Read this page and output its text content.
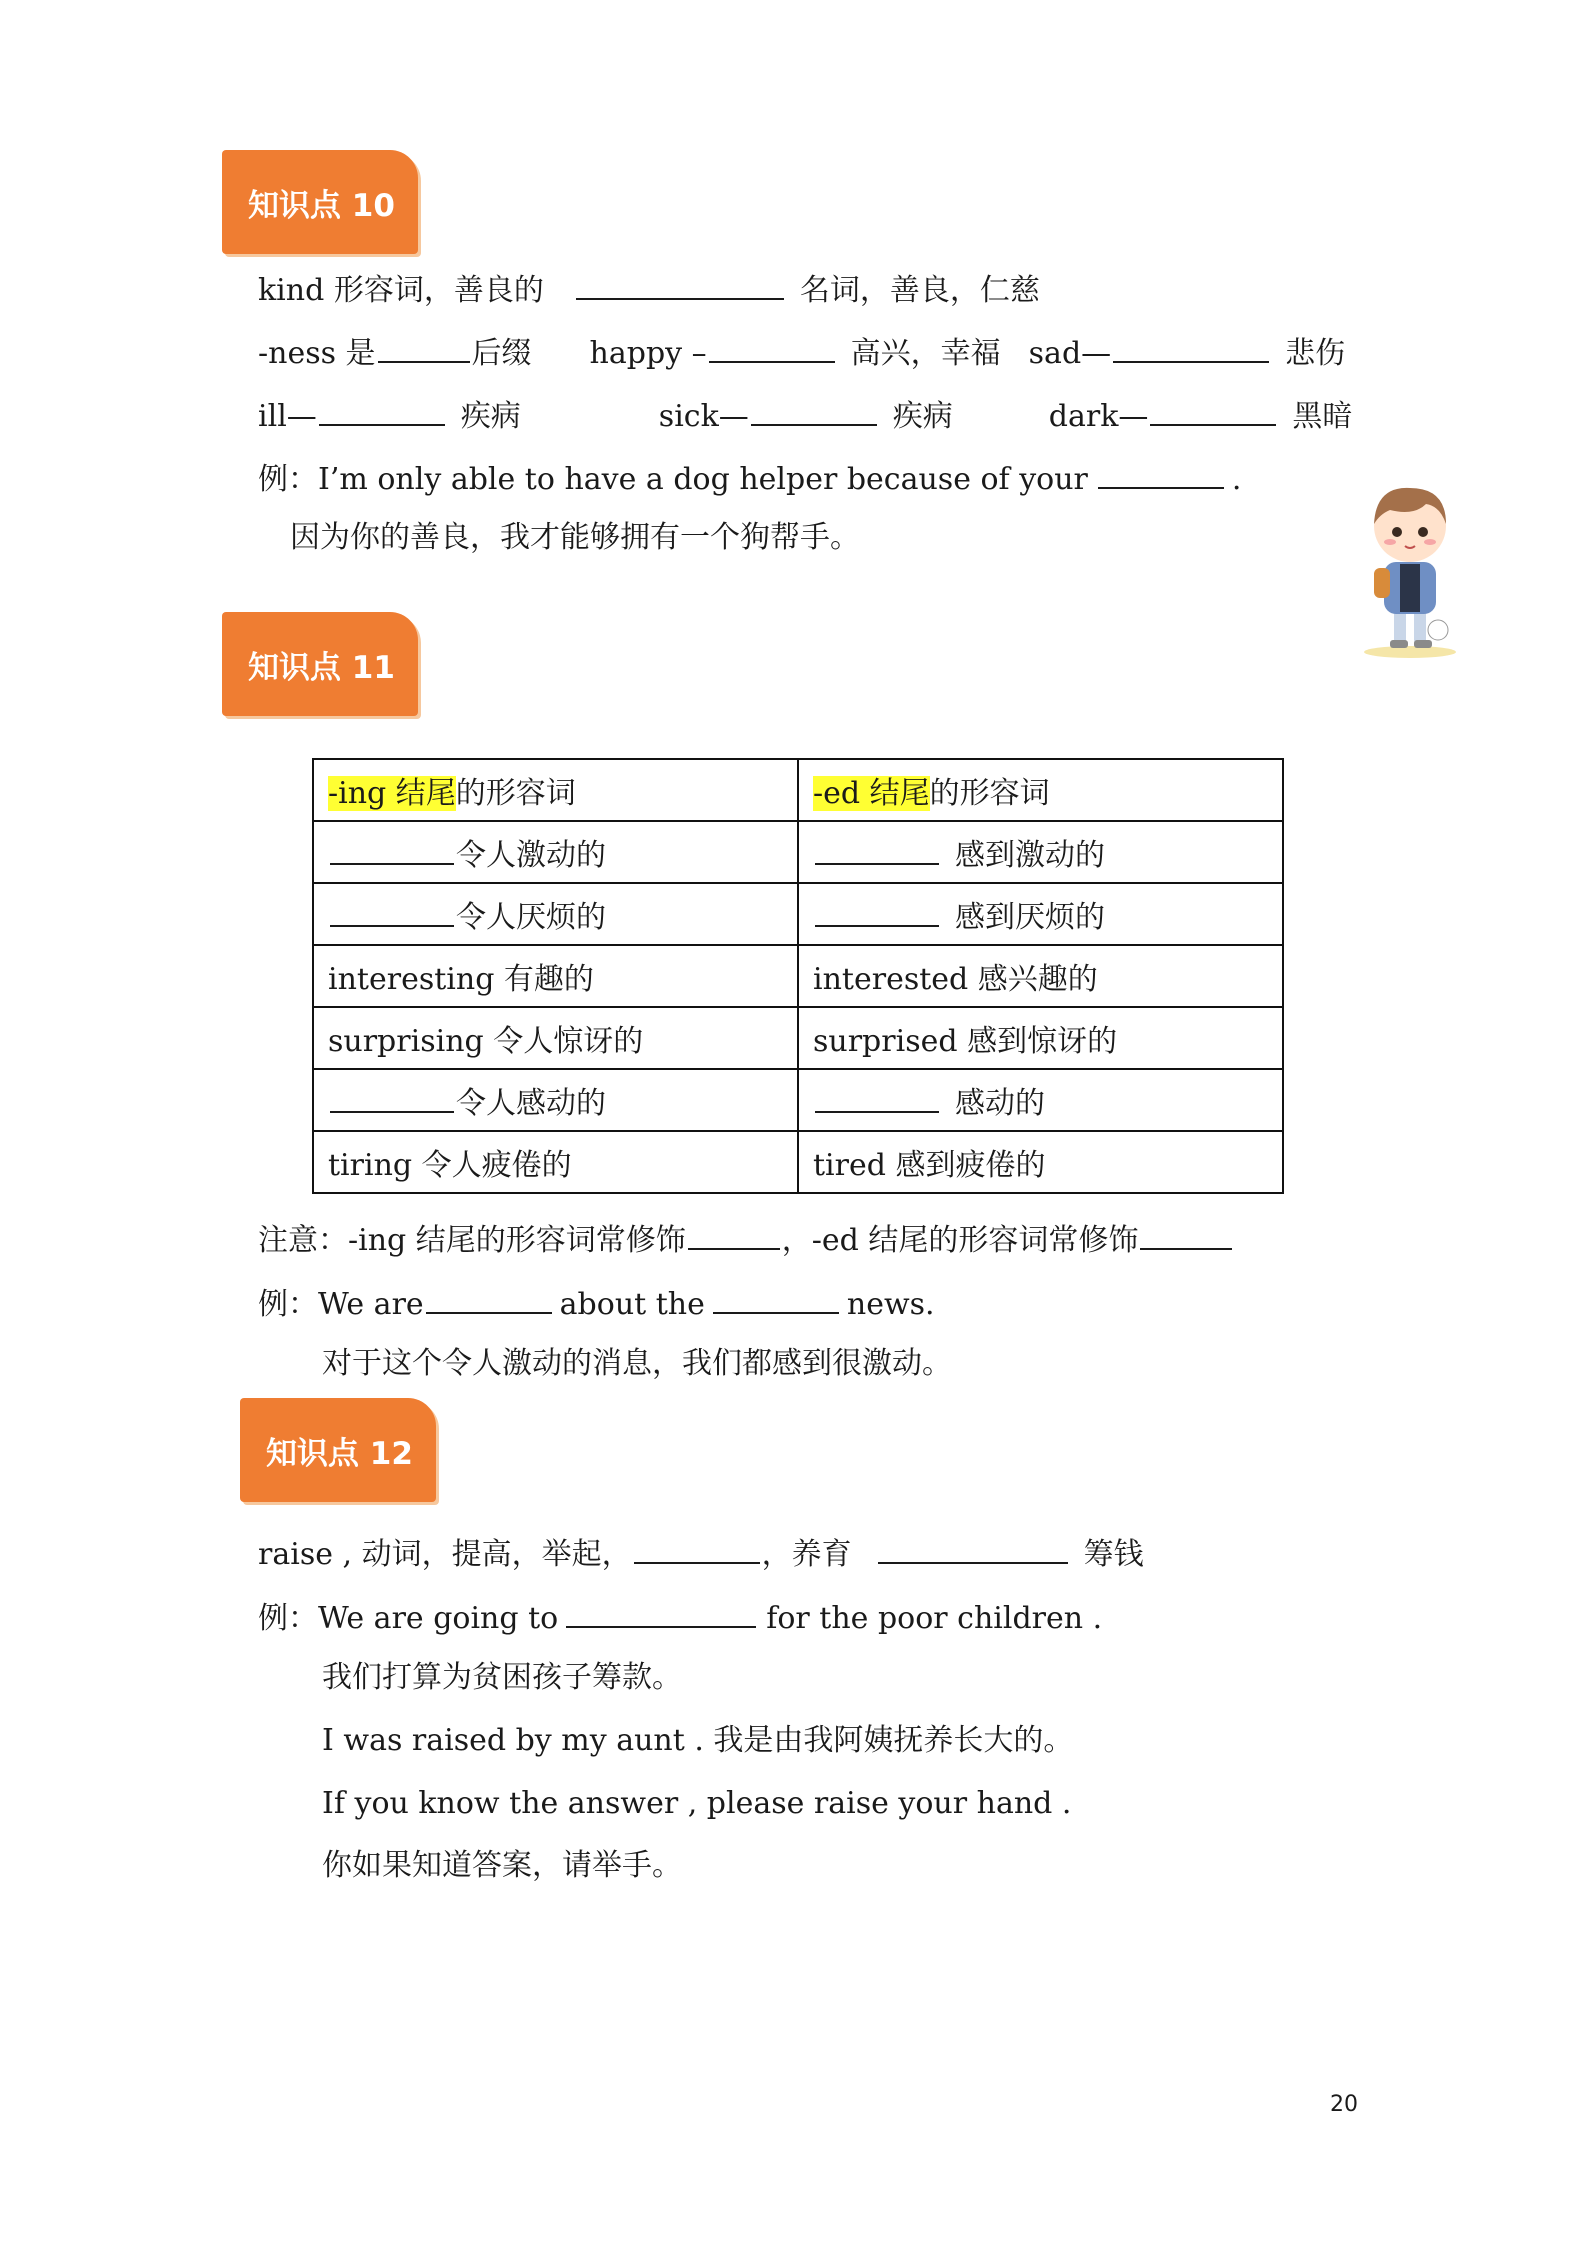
知识点 10
kind 形容词，善良的	名词，善良，仁慈
-ness 是	后缀 happy –	高兴，幸福 sad—	悲伤
ill—	疾病	sick—	疾病	dark—	黑暗
例：I’m only able to have a dog helper because of your	.
因为你的善良，我才能够拥有一个狗帮手。
知识点 11
-ing 结尾的形容词	-ed 结尾的形容词
令人激动的	感到激动的
令人厌烦的	感到厌烦的
interesting 有趣的	interested 感兴趣的
surprising 令人惊讶的	surprised 感到惊讶的
令人感动的	感动的
tiring 令人疲倦的	tired 感到疲倦的
注意：-ing 结尾的形容词常修饰	，-ed 结尾的形容词常修饰
例：We are	about the	news.
对于这个令人激动的消息，我们都感到很激动。
知识点 12
raise , 动词，提高，举起，	，养育	筹钱
例：We are going to	for the poor children .
我们打算为贫困孩子筹款。
I was raised by my aunt . 我是由我阿姨抚养长大的。
If you know the answer , please raise your hand .
你如果知道答案，请举手。
20
